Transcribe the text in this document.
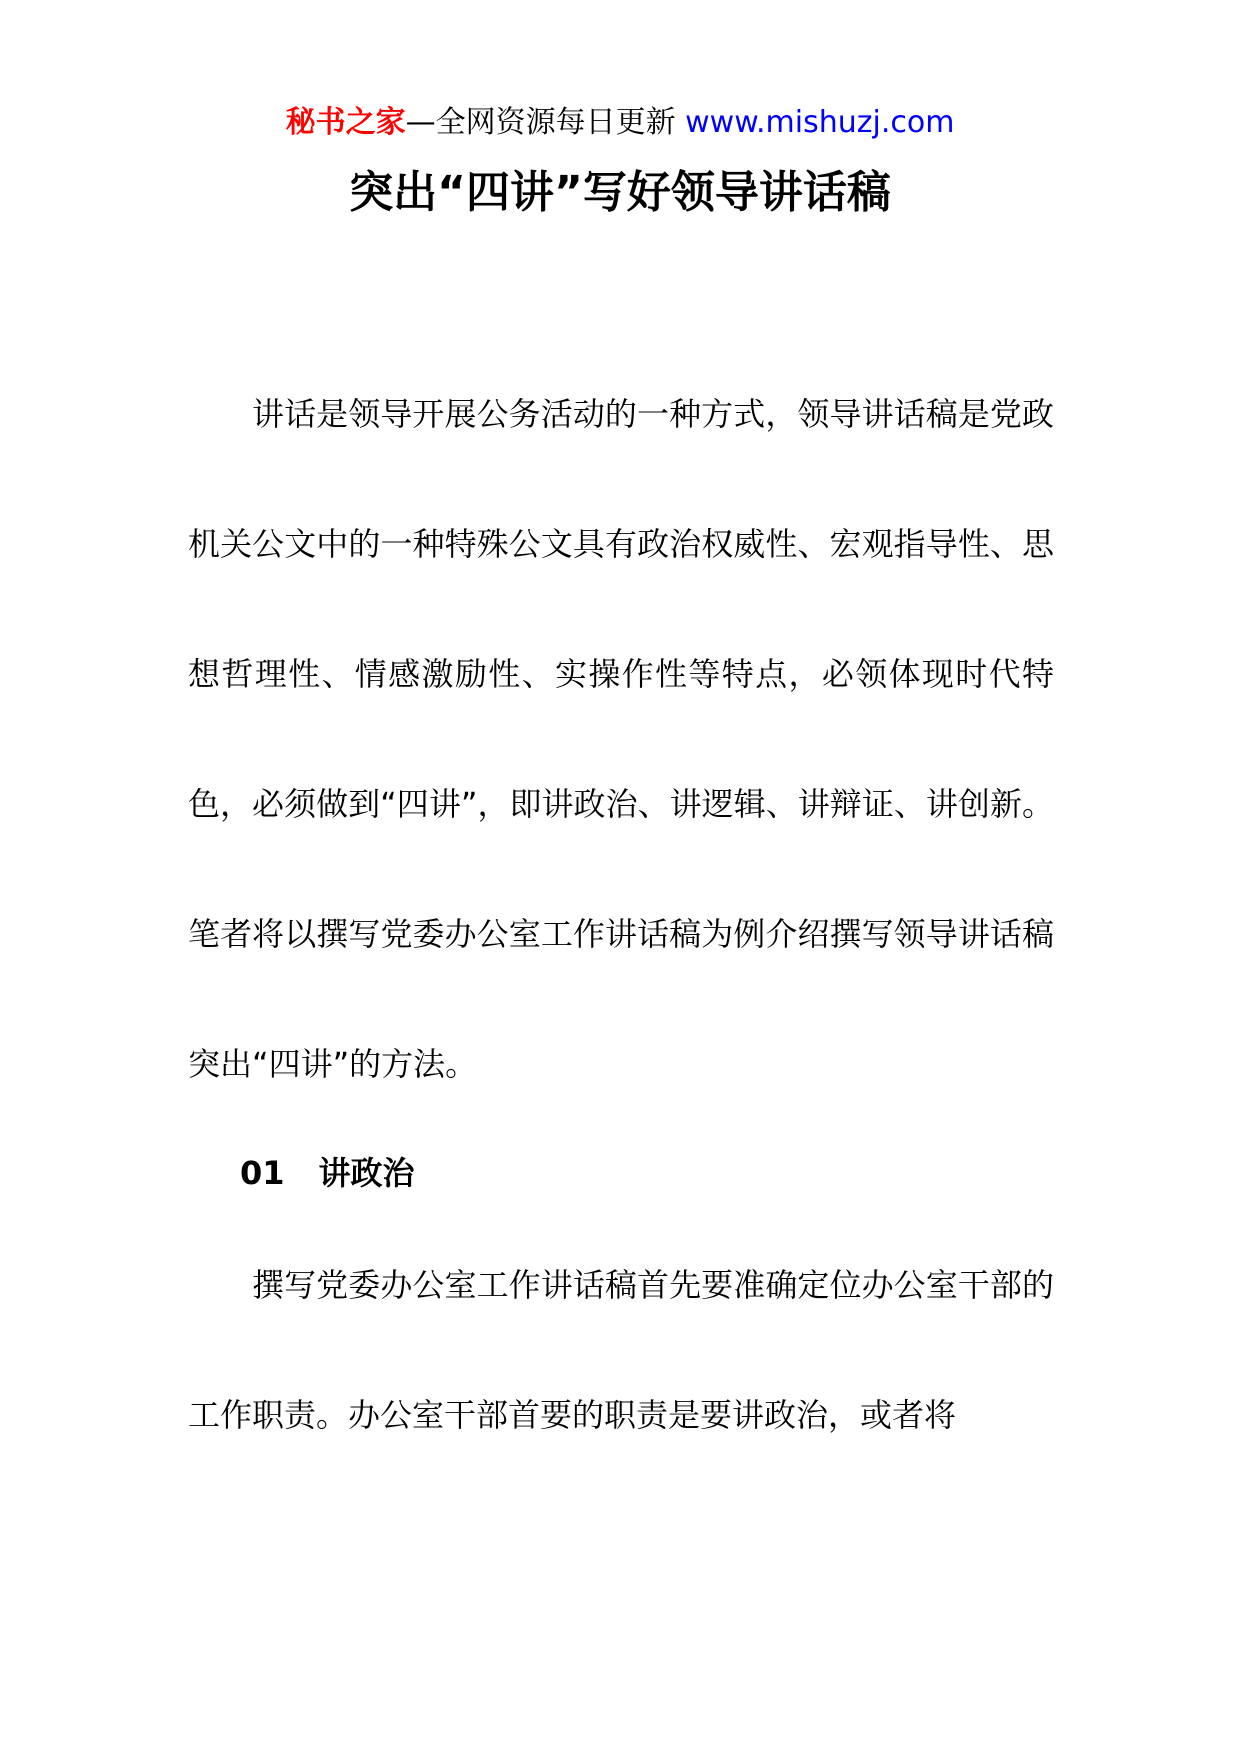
秘书之家—全网资源每日更新 www.mishuzj.com
突出“四讲”写好领导讲话稿

讲话是领导开展公务活动的一种方式，领导讲话稿是党政机关公文中的一种特殊公文具有政治权威性、宏观指导性、思想哲理性、情感激励性、实操作性等特点，必领体现时代特色，必须做到“四讲”，即讲政治、讲逻辑、讲辩证、讲创新。笔者将以撰写党委办公室工作讲话稿为例介绍撰写领导讲话稿突出“四讲”的方法。

01 讲政治

撰写党委办公室工作讲话稿首先要准确定位办公室干部的工作职责。办公室干部首要的职责是要讲政治，或者将
